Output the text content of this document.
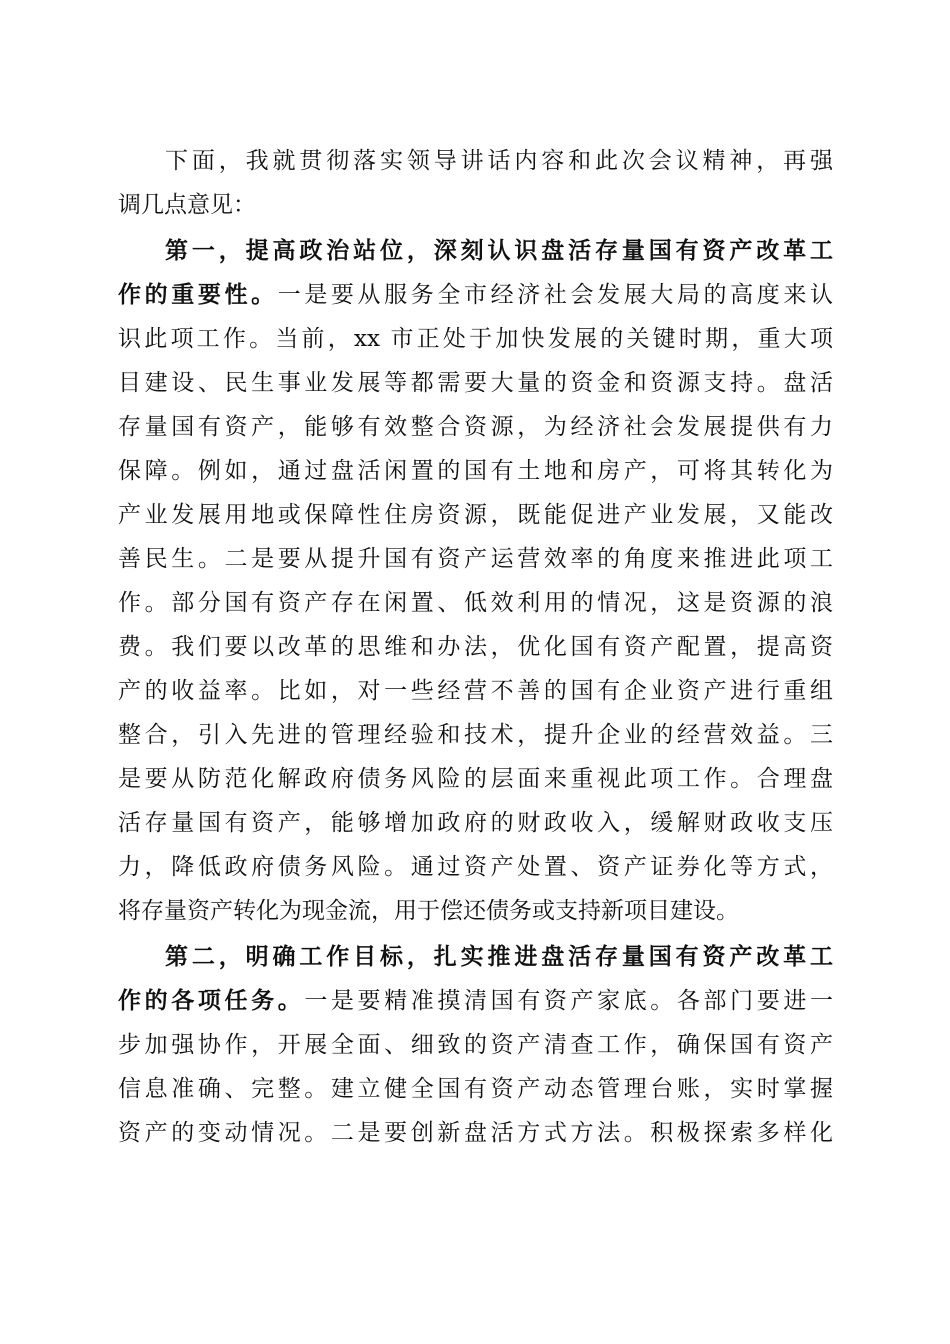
下面，我就贯彻落实领导讲话内容和此次会议精神，再强
调几点意见：
第一，提高政治站位，深刻认识盘活存量国有资产改革工
作的重要性。一是要从服务全市经济社会发展大局的高度来认
识此项工作。当前，xx 市正处于加快发展的关键时期，重大项
目建设、民生事业发展等都需要大量的资金和资源支持。盘活
存量国有资产，能够有效整合资源，为经济社会发展提供有力
保障。例如，通过盘活闲置的国有土地和房产，可将其转化为
产业发展用地或保障性住房资源，既能促进产业发展，又能改
善民生。二是要从提升国有资产运营效率的角度来推进此项工
作。部分国有资产存在闲置、低效利用的情况，这是资源的浪
费。我们要以改革的思维和办法，优化国有资产配置，提高资
产的收益率。比如，对一些经营不善的国有企业资产进行重组
整合，引入先进的管理经验和技术，提升企业的经营效益。三
是要从防范化解政府债务风险的层面来重视此项工作。合理盘
活存量国有资产，能够增加政府的财政收入，缓解财政收支压
力，降低政府债务风险。通过资产处置、资产证券化等方式，
将存量资产转化为现金流，用于偿还债务或支持新项目建设。
第二，明确工作目标，扎实推进盘活存量国有资产改革工
作的各项任务。一是要精准摸清国有资产家底。各部门要进一
步加强协作，开展全面、细致的资产清查工作，确保国有资产
信息准确、完整。建立健全国有资产动态管理台账，实时掌握
资产的变动情况。二是要创新盘活方式方法。积极探索多样化
